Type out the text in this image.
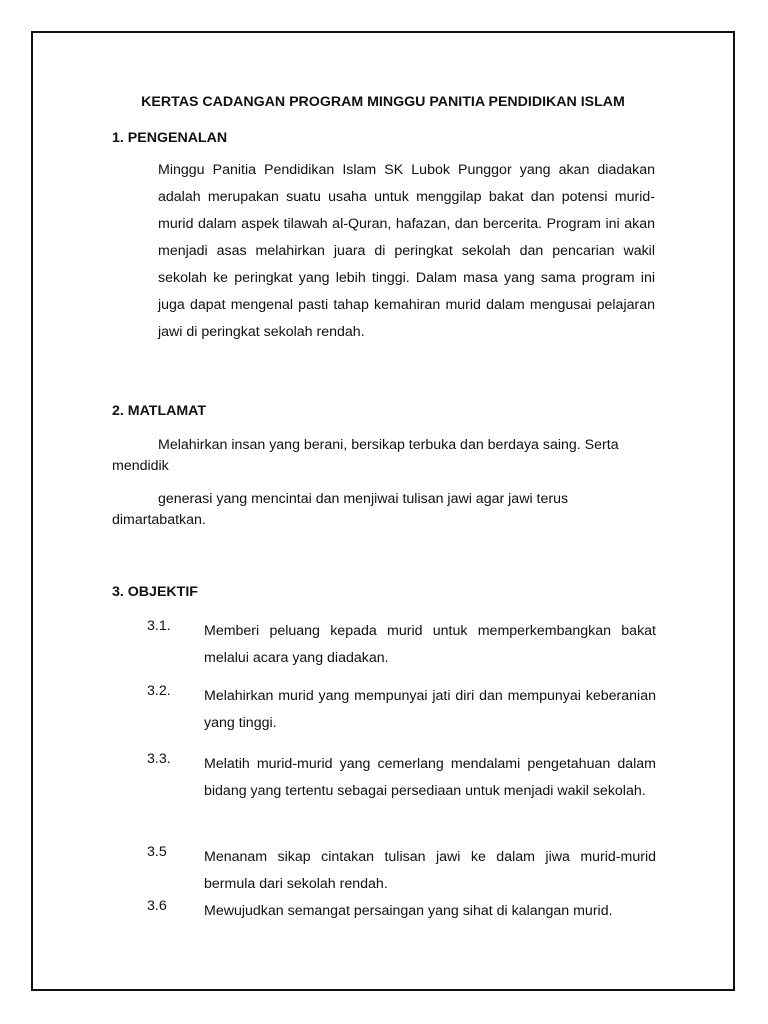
KERTAS CADANGAN PROGRAM MINGGU PANITIA PENDIDIKAN ISLAM
1. PENGENALAN

Minggu Panitia Pendidikan Islam SK Lubok Punggor yang akan diadakan adalah merupakan suatu usaha untuk menggilap bakat dan potensi murid-murid dalam aspek tilawah al-Quran, hafazan, dan bercerita. Program ini akan menjadi asas melahirkan juara di peringkat sekolah dan pencarian wakil sekolah ke peringkat yang lebih tinggi. Dalam masa yang sama program ini juga dapat mengenal pasti tahap kemahiran murid dalam mengusai pelajaran jawi di peringkat sekolah rendah.

2. MATLAMAT
Melahirkan insan yang berani, bersikap terbuka dan berdaya saing. Serta
mendidik
generasi yang mencintai dan menjiwai tulisan jawi agar jawi terus
dimartabatkan.
3. OBJEKTIF
3.1. Memberi peluang kepada murid untuk memperkembangkan bakat melalui acara yang diadakan.

3.2. Melahirkan murid yang mempunyai jati diri dan mempunyai keberanian yang tinggi.

3.3. Melatih murid-murid yang cemerlang mendalami pengetahuan dalam bidang yang tertentu sebagai persediaan untuk menjadi wakil sekolah.

3.5	Menanam sikap cintakan tulisan jawi ke dalam jiwa murid-murid bermula dari sekolah rendah.

3.6	Mewujudkan semangat persaingan yang sihat di kalangan murid.
